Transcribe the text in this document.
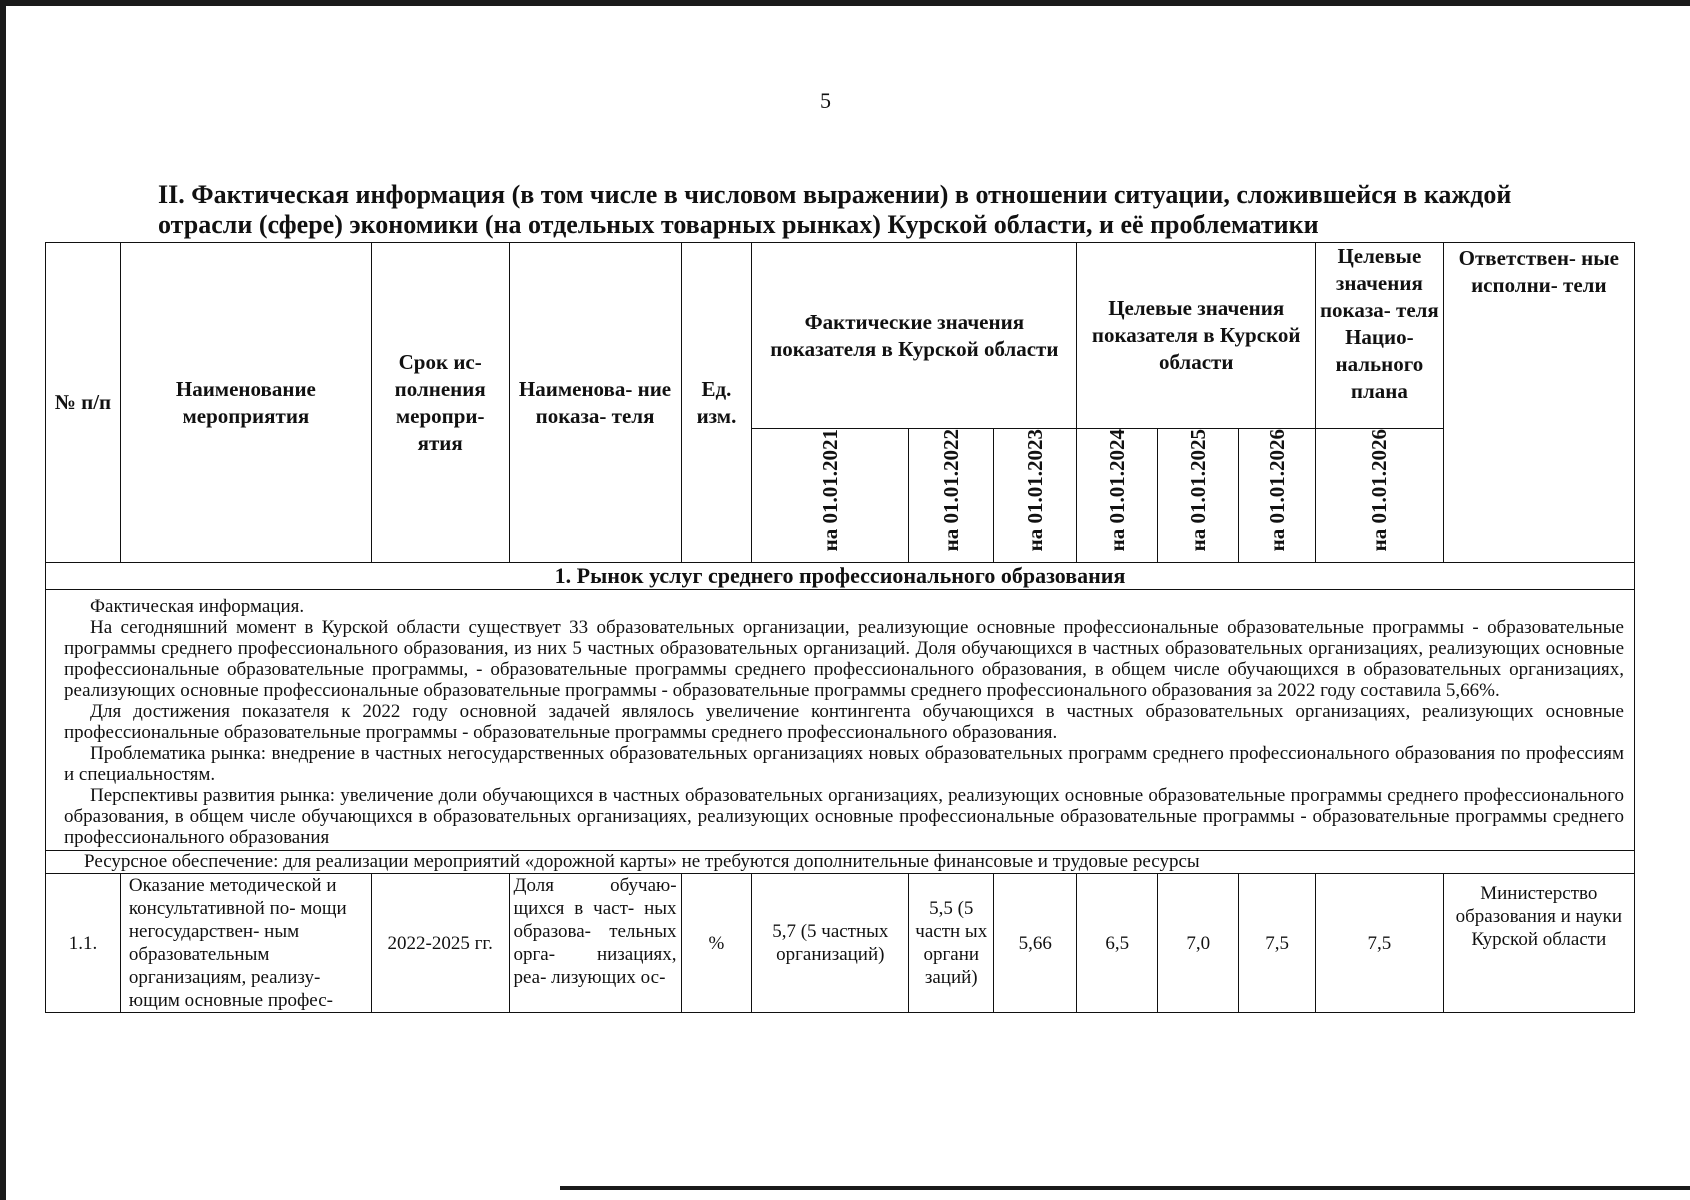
5
II. Фактическая информация (в том числе в числовом выражении) в отношении ситуации, сложившейся в каждой отрасли (сфере) экономики (на отдельных товарных рынках) Курской области, и её проблематики
№ п/п	Наименование мероприятия	Срок ис- полнения меропри- ятия	Наименова- ние показа- теля	Ед. изм.	Фактические значения показателя в Курской области			Целевые значения показателя в Курской области			Целевые значения показа- теля Нацио- нального плана	Ответствен- ные исполни- тели

					на 01.01.2021	на 01.01.2022	на 01.01.2023	на 01.01.2024	на 01.01.2025	на 01.01.2026	на 01.01.2026	

1. Рынок услуг среднего профессионального образования												

Фактическая информация.

На сегодняшний момент в Курской области существует 33 образовательных организации, реализующие основные профессиональные образовательные программы - образовательные программы среднего профессионального образования, из них 5 частных образовательных организаций. Доля обучающихся в частных образовательных организациях, реализующих основные профессиональные образовательные программы, - образовательные программы среднего профессионального образования, в общем числе обучающихся в образовательных организациях, реализующих основные профессиональные образовательные программы - образовательные программы среднего профессионального образования за 2022 году составила 5,66%.

Для достижения показателя к 2022 году основной задачей являлось увеличение контингента обучающихся в частных образовательных организациях, реализующих основные профессиональные образовательные программы - образовательные программы среднего профессионального образования.

Проблематика рынка: внедрение в частных негосударственных образовательных организациях новых образовательных программ среднего профессионального образования по профессиям и специальностям.

Перспективы развития рынка: увеличение доли обучающихся в частных образовательных организациях, реализующих основные образовательные программы среднего профессионального образования, в общем числе обучающихся в образовательных организациях, реализующих основные профессиональные образовательные программы - образовательные программы среднего профессионального образования												

Ресурсное обеспечение: для реализации мероприятий «дорожной карты» не требуются дополнительные финансовые и трудовые ресурсы												
1.1.	Оказание методической и консультативной по- мощи негосударствен- ным образовательным организациям, реализу- ющим основные профес-	2022-2025 гг.	Доля обучаю- щихся в част- ных образова- тельных орга- низациях, реа- лизующих ос-	%	5,7 (5 частных организаций)	5,5 (5 частн ых органи заций)	5,66	6,5	7,0	7,5	7,5	Министерство образования и науки Курской области
